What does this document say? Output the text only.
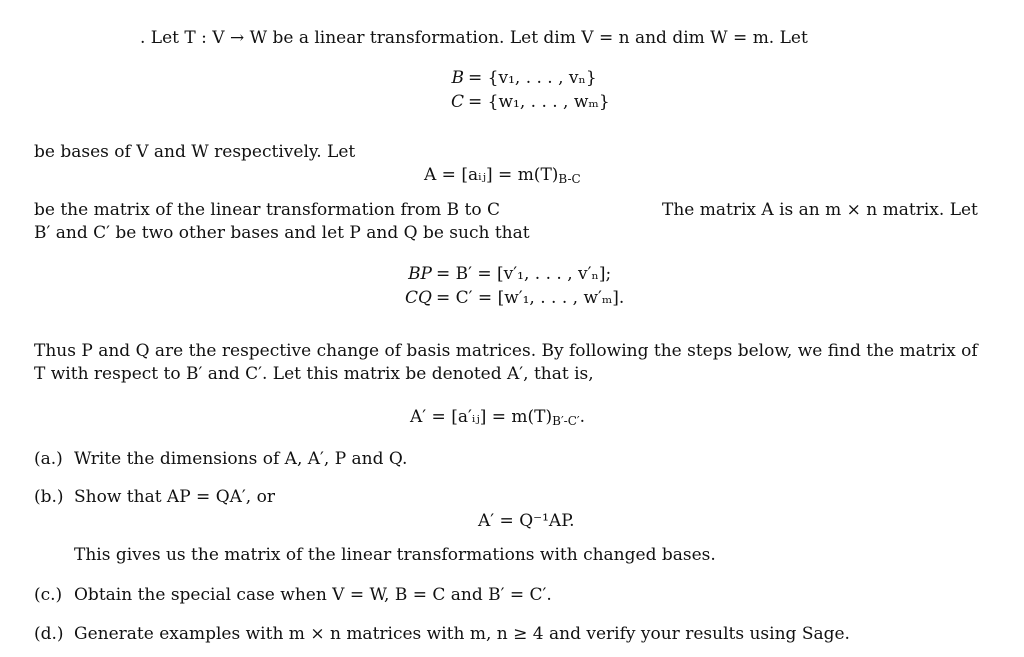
. Let T : V → W be a linear transformation. Let dim V = n and dim W = m. Let
B = {v₁, . . . , vₙ}
C = {w₁, . . . , wₘ}
be bases of V and W respectively. Let
A = [aᵢⱼ] = $m(T)_{B-C}$
be the matrix of the linear transformation from B to C	The matrix A is an m × n matrix. Let
B′ and C′ be two other bases and let P and Q be such that
BP = B′ = [v′₁, . . . , v′ₙ];
CQ = C′ = [w′₁, . . . , w′ₘ].
Thus P and Q are the respective change of basis matrices. By following the steps below, we find the matrix of
T with respect to B′ and C′. Let this matrix be denoted A′, that is,
A′ = [a′ᵢⱼ] = $m(T)_{B'-C'}$.
(a.) Write the dimensions of A, A′, P and Q.
(b.) Show that AP = QA′, or
A′ = Q⁻¹AP.
This gives us the matrix of the linear transformations with changed bases.
(c.) Obtain the special case when V = W, B = C and B′ = C′.
(d.) Generate examples with m × n matrices with m, n ≥ 4 and verify your results using Sage.
